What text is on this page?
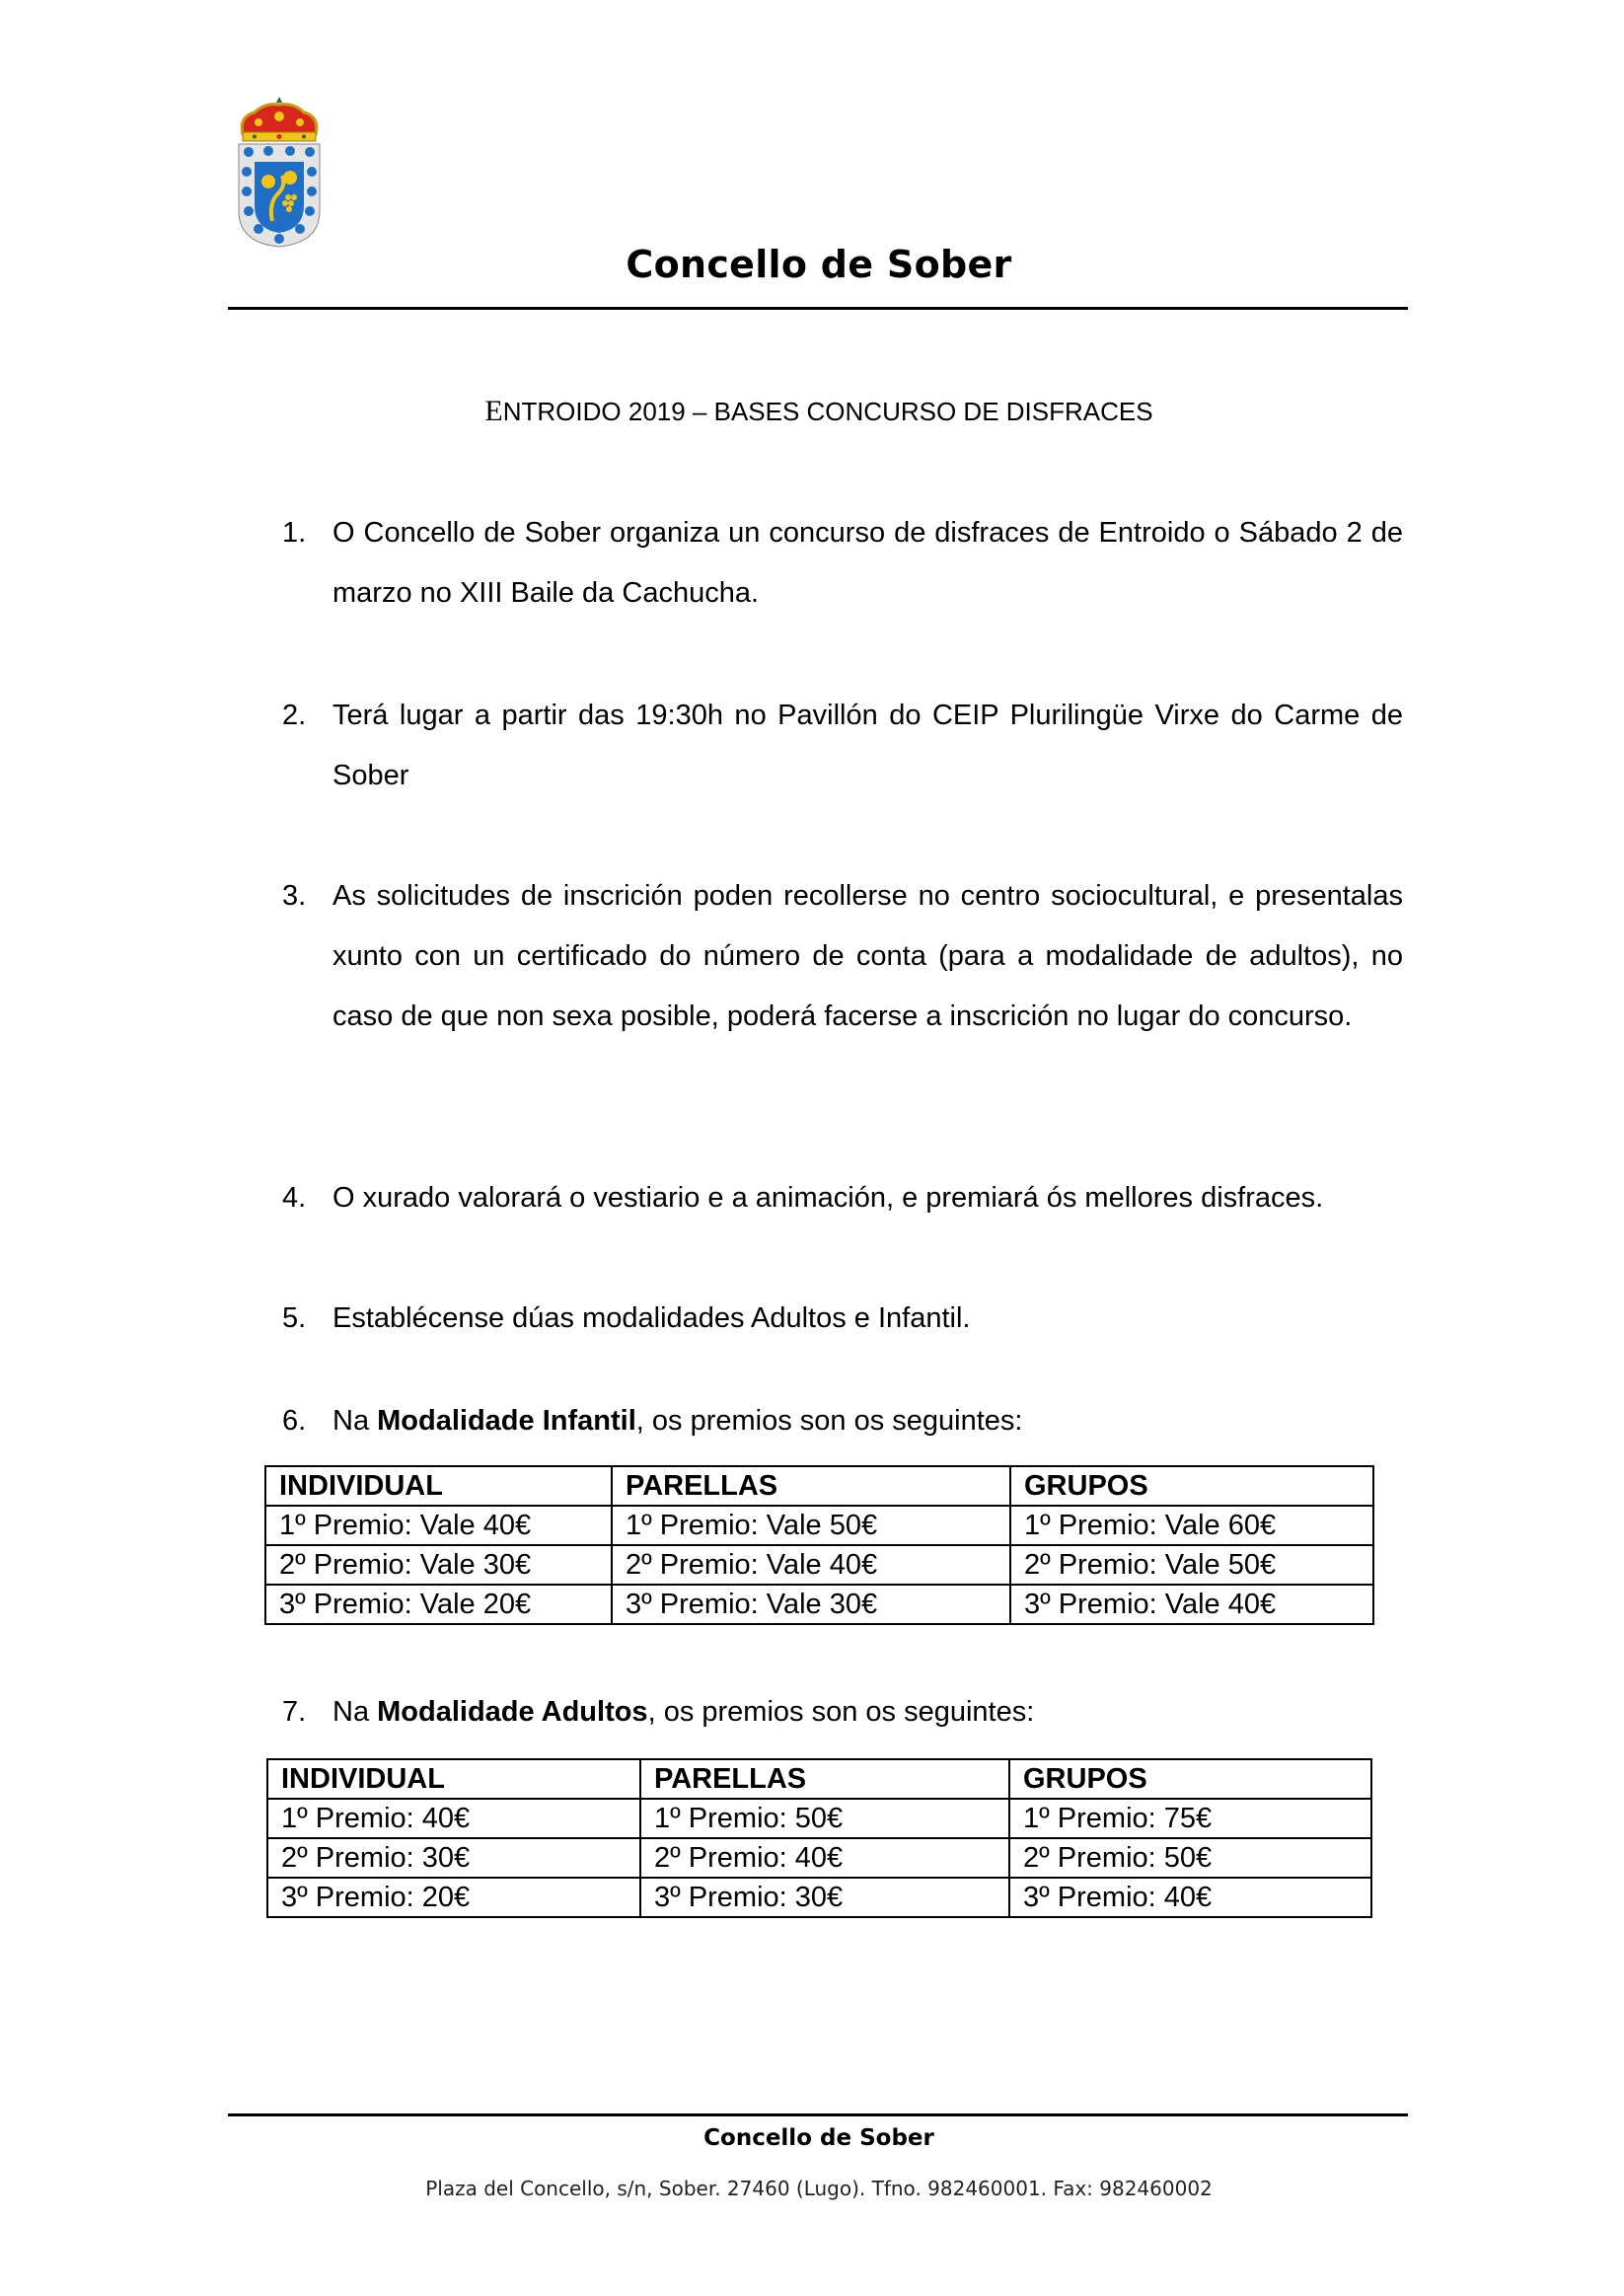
Concello de Sober
ENTROIDO 2019 – BASES CONCURSO DE DISFRACES
1. O Concello de Sober organiza un concurso de disfraces de Entroido o Sábado 2 de marzo no XIII Baile da Cachucha.
2. Terá lugar a partir das 19:30h no Pavillón do CEIP Plurilingüe Virxe do Carme de Sober
3. As solicitudes de inscrición poden recollerse no centro sociocultural, e presentalas xunto con un certificado do número de conta (para a modalidade de adultos), no caso de que non sexa posible, poderá facerse a inscrición no lugar do concurso.
4. O xurado valorará o vestiario e a animación, e premiará ós mellores disfraces.
5. Establécense dúas modalidades Adultos e Infantil.
6. Na Modalidade Infantil, os premios son os seguintes:
INDIVIDUAL	PARELLAS	GRUPOS
1º Premio: Vale 40€	1º Premio: Vale 50€	1º Premio: Vale 60€
2º Premio: Vale 30€	2º Premio: Vale 40€	2º Premio: Vale 50€
3º Premio: Vale 20€	3º Premio: Vale 30€	3º Premio: Vale 40€
7. Na Modalidade Adultos, os premios son os seguintes:
INDIVIDUAL	PARELLAS	GRUPOS
1º Premio: 40€	1º Premio: 50€	1º Premio: 75€
2º Premio: 30€	2º Premio: 40€	2º Premio: 50€
3º Premio: 20€	3º Premio: 30€	3º Premio: 40€
Concello de Sober
Plaza del Concello, s/n, Sober. 27460 (Lugo). Tfno. 982460001. Fax: 982460002
